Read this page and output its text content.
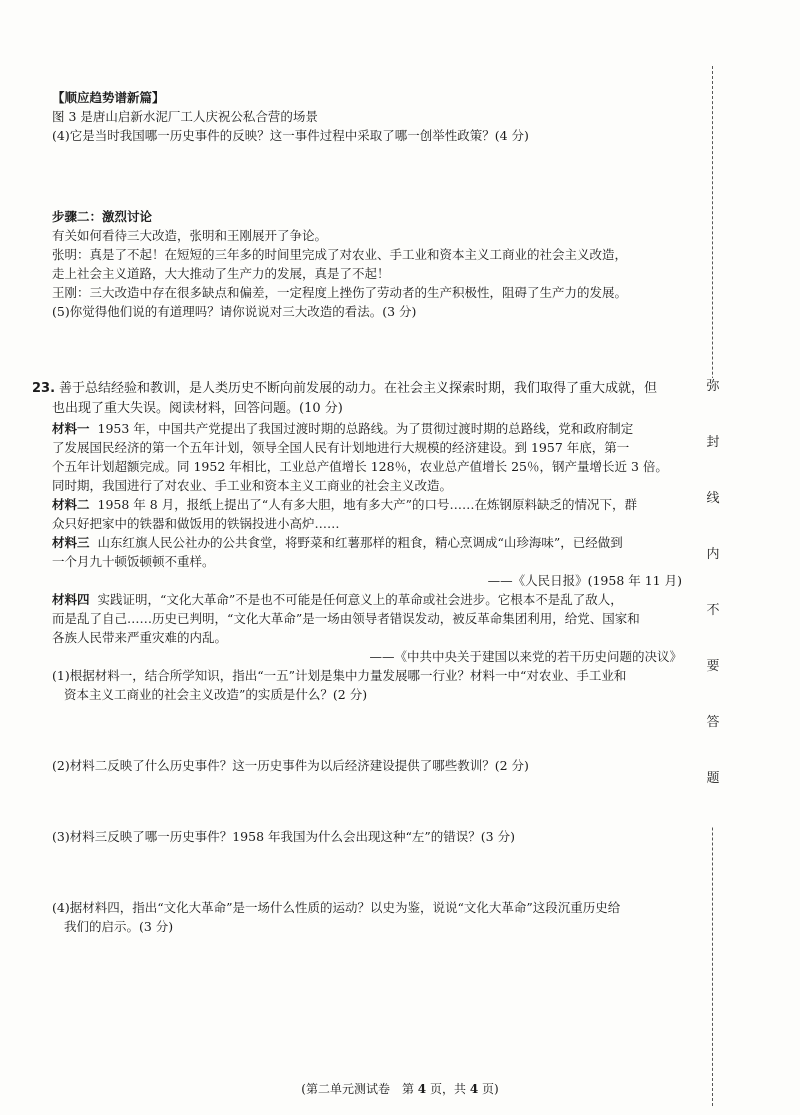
【顺应趋势谱新篇】
图 3 是唐山启新水泥厂工人庆祝公私合营的场景
(4)它是当时我国哪一历史事件的反映？这一事件过程中采取了哪一创举性政策？(4 分)
步骤二：激烈讨论
有关如何看待三大改造，张明和王刚展开了争论。
张明：真是了不起！在短短的三年多的时间里完成了对农业、手工业和资本主义工商业的社会主义改造，
走上社会主义道路，大大推动了生产力的发展，真是了不起！
王刚：三大改造中存在很多缺点和偏差，一定程度上挫伤了劳动者的生产积极性，阻碍了生产力的发展。
(5)你觉得他们说的有道理吗？请你说说对三大改造的看法。(3 分)
23. 善于总结经验和教训，是人类历史不断向前发展的动力。在社会主义探索时期，我们取得了重大成就，但
也出现了重大失误。阅读材料，回答问题。(10 分)
材料一 1953 年，中国共产党提出了我国过渡时期的总路线。为了贯彻过渡时期的总路线，党和政府制定
了发展国民经济的第一个五年计划，领导全国人民有计划地进行大规模的经济建设。到 1957 年底，第一
个五年计划超额完成。同 1952 年相比，工业总产值增长 128％，农业总产值增长 25％，钢产量增长近 3 倍。
同时期，我国进行了对农业、手工业和资本主义工商业的社会主义改造。
材料二 1958 年 8 月，报纸上提出了“人有多大胆，地有多大产”的口号……在炼钢原料缺乏的情况下，群
众只好把家中的铁器和做饭用的铁锅投进小高炉……
材料三 山东红旗人民公社办的公共食堂，将野菜和红薯那样的粗食，精心烹调成“山珍海味”，已经做到
一个月九十顿饭顿顿不重样。
——《人民日报》(1958 年 11 月)
材料四 实践证明，“文化大革命”不是也不可能是任何意义上的革命或社会进步。它根本不是乱了敌人，
而是乱了自己……历史已判明，“文化大革命”是一场由领导者错误发动，被反革命集团利用，给党、国家和
各族人民带来严重灾难的内乱。
——《中共中央关于建国以来党的若干历史问题的决议》
(1)根据材料一，结合所学知识，指出“一五”计划是集中力量发展哪一行业？材料一中“对农业、手工业和
资本主义工商业的社会主义改造”的实质是什么？(2 分)
(2)材料二反映了什么历史事件？这一历史事件为以后经济建设提供了哪些教训？(2 分)
(3)材料三反映了哪一历史事件？1958 年我国为什么会出现这种“左”的错误？(3 分)
(4)据材料四，指出“文化大革命”是一场什么性质的运动？以史为鉴，说说“文化大革命”这段沉重历史给
我们的启示。(3 分)
弥
封
线
内
不
要
答
题
(第二单元测试卷　第 4 页，共 4 页)
